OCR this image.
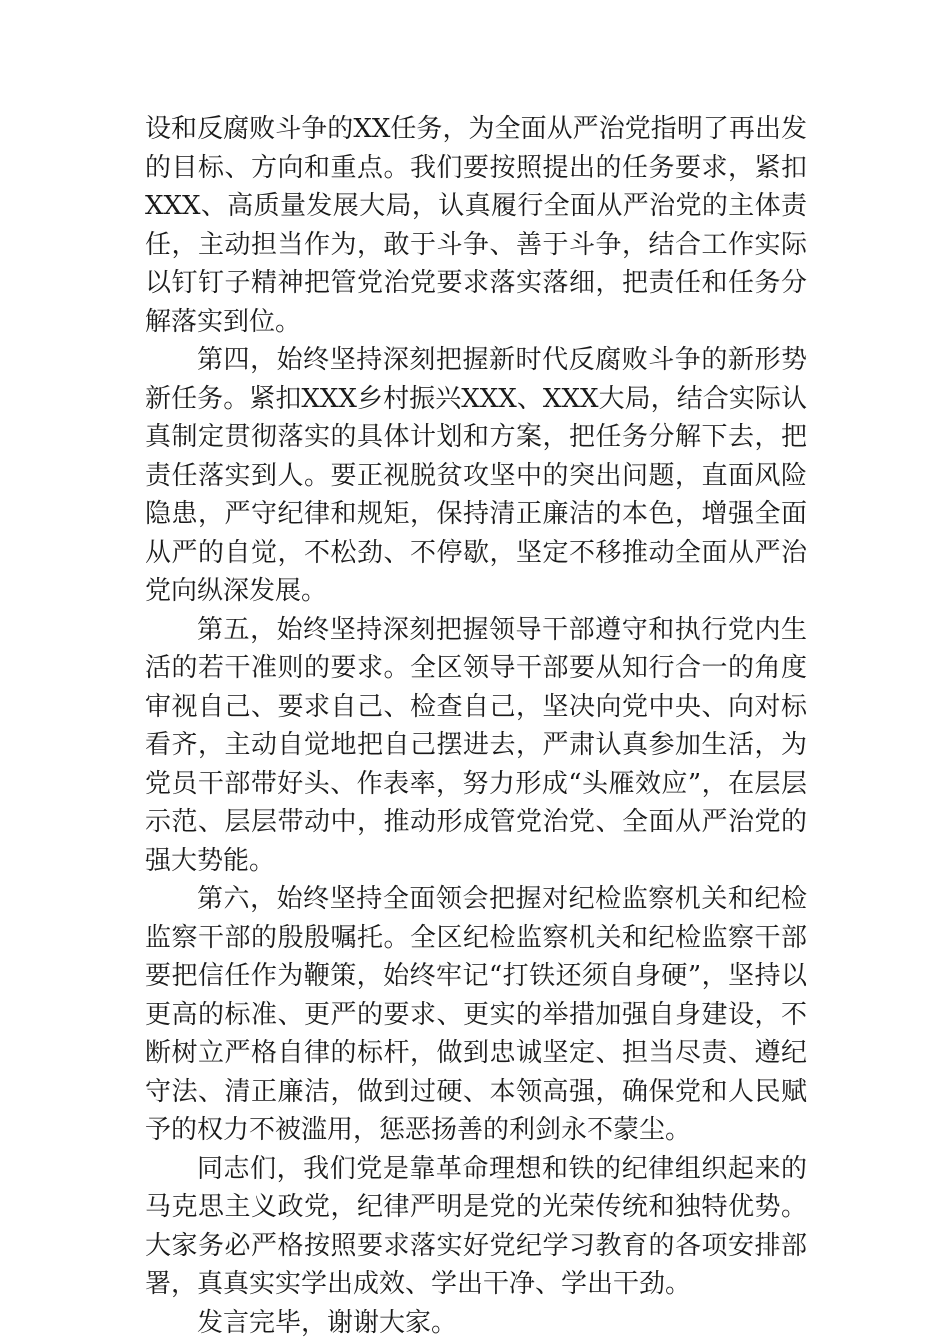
设和反腐败斗争的XX任务，为全面从严治党指明了再出发的目标、方向和重点。我们要按照提出的任务要求，紧扣XXX、高质量发展大局，认真履行全面从严治党的主体责任，主动担当作为，敢于斗争、善于斗争，结合工作实际以钉钉子精神把管党治党要求落实落细，把责任和任务分解落实到位。

第四，始终坚持深刻把握新时代反腐败斗争的新形势新任务。紧扣XXX乡村振兴XXX、XXX大局，结合实际认真制定贯彻落实的具体计划和方案，把任务分解下去，把责任落实到人。要正视脱贫攻坚中的突出问题，直面风险隐患，严守纪律和规矩，保持清正廉洁的本色，增强全面从严的自觉，不松劲、不停歇，坚定不移推动全面从严治党向纵深发展。

第五，始终坚持深刻把握领导干部遵守和执行党内生活的若干准则的要求。全区领导干部要从知行合一的角度审视自己、要求自己、检查自己，坚决向党中央、向对标看齐，主动自觉地把自己摆进去，严肃认真参加生活，为党员干部带好头、作表率，努力形成“头雁效应”，在层层示范、层层带动中，推动形成管党治党、全面从严治党的强大势能。

第六，始终坚持全面领会把握对纪检监察机关和纪检监察干部的殷殷嘱托。全区纪检监察机关和纪检监察干部要把信任作为鞭策，始终牢记“打铁还须自身硬”，坚持以更高的标准、更严的要求、更实的举措加强自身建设，不断树立严格自律的标杆，做到忠诚坚定、担当尽责、遵纪守法、清正廉洁，做到过硬、本领高强，确保党和人民赋予的权力不被滥用，惩恶扬善的利剑永不蒙尘。

同志们，我们党是靠革命理想和铁的纪律组织起来的马克思主义政党，纪律严明是党的光荣传统和独特优势。大家务必严格按照要求落实好党纪学习教育的各项安排部署，真真实实学出成效、学出干净、学出干劲。

发言完毕，谢谢大家。
